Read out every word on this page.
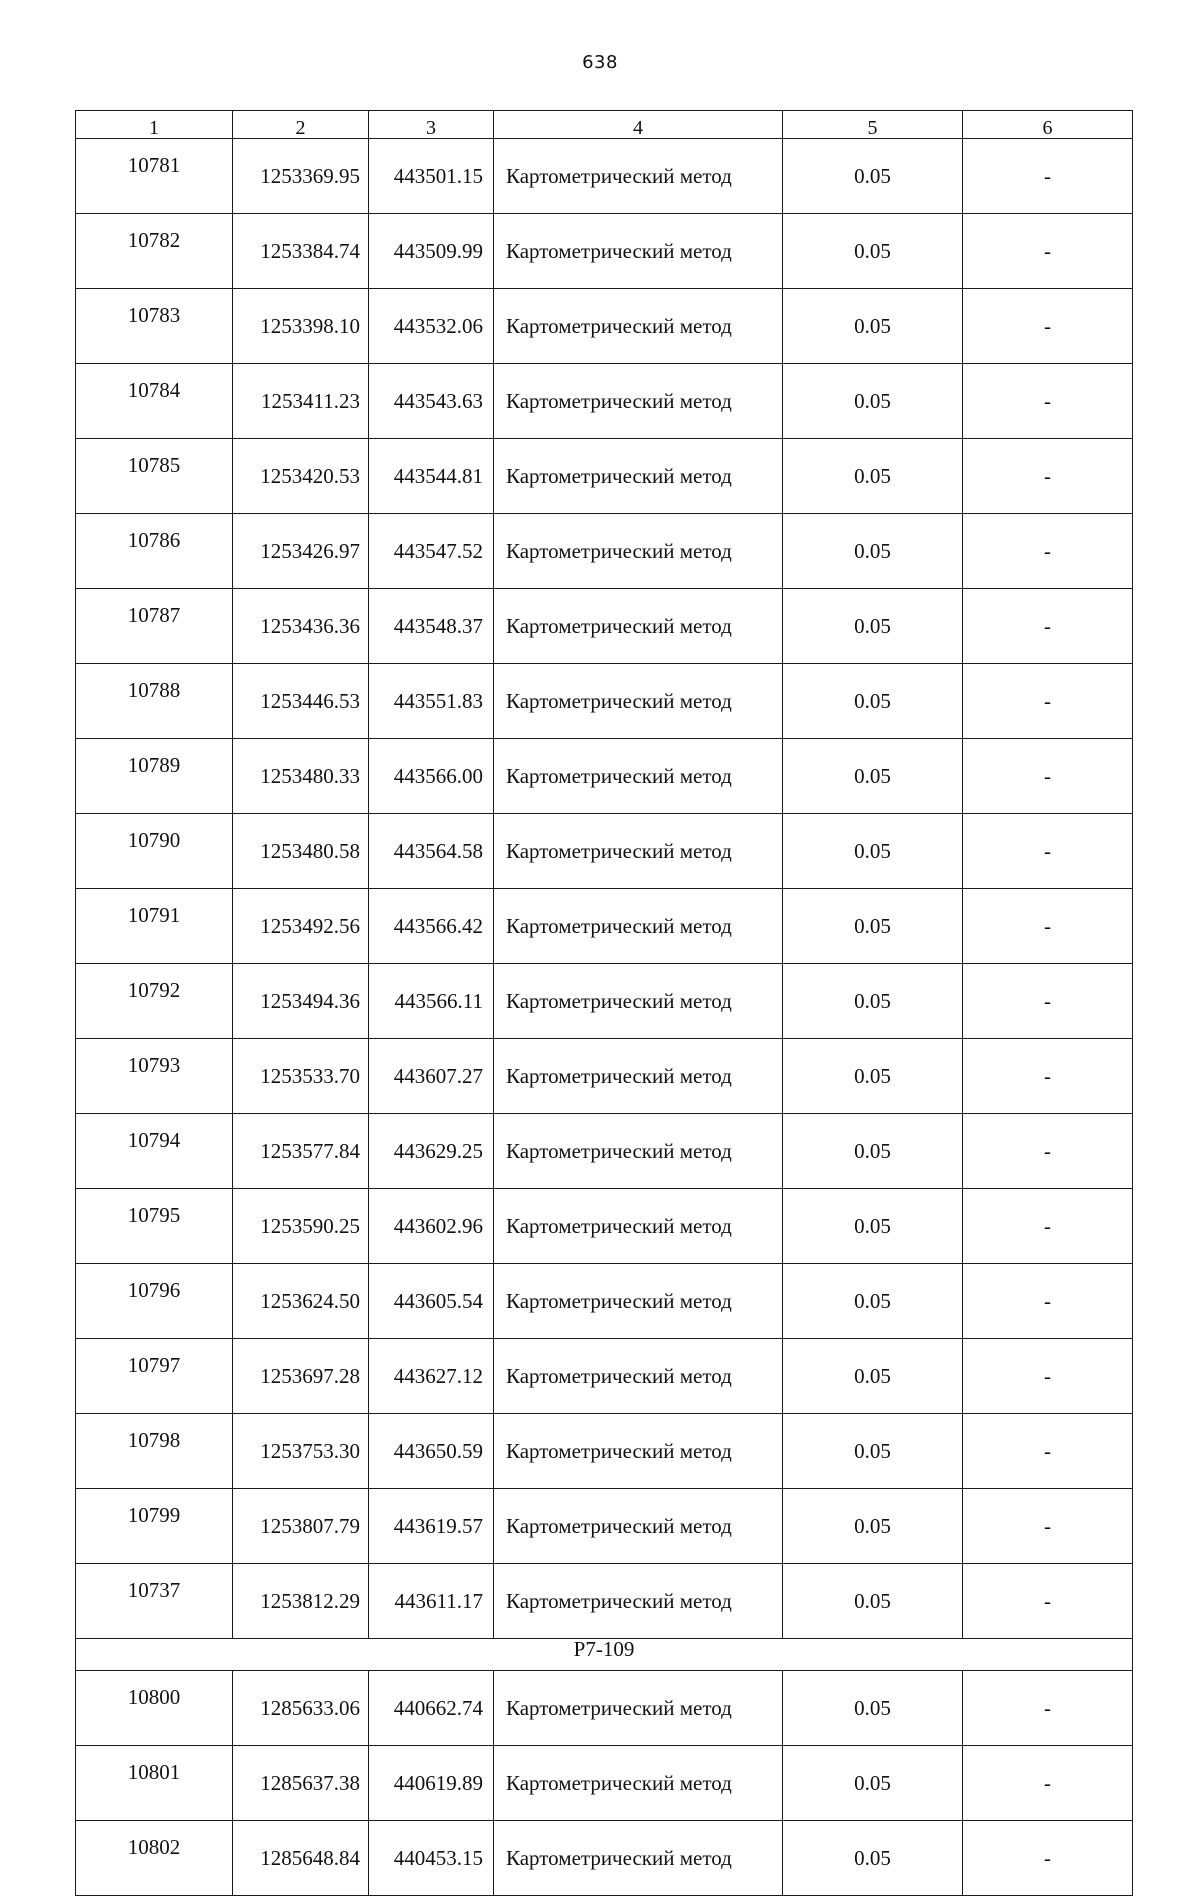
638
1	2	3	4	5	6
10781	1253369.95	443501.15	Картометрический метод	0.05	-
10782	1253384.74	443509.99	Картометрический метод	0.05	-
10783	1253398.10	443532.06	Картометрический метод	0.05	-
10784	1253411.23	443543.63	Картометрический метод	0.05	-
10785	1253420.53	443544.81	Картометрический метод	0.05	-
10786	1253426.97	443547.52	Картометрический метод	0.05	-
10787	1253436.36	443548.37	Картометрический метод	0.05	-
10788	1253446.53	443551.83	Картометрический метод	0.05	-
10789	1253480.33	443566.00	Картометрический метод	0.05	-
10790	1253480.58	443564.58	Картометрический метод	0.05	-
10791	1253492.56	443566.42	Картометрический метод	0.05	-
10792	1253494.36	443566.11	Картометрический метод	0.05	-
10793	1253533.70	443607.27	Картометрический метод	0.05	-
10794	1253577.84	443629.25	Картометрический метод	0.05	-
10795	1253590.25	443602.96	Картометрический метод	0.05	-
10796	1253624.50	443605.54	Картометрический метод	0.05	-
10797	1253697.28	443627.12	Картометрический метод	0.05	-
10798	1253753.30	443650.59	Картометрический метод	0.05	-
10799	1253807.79	443619.57	Картометрический метод	0.05	-
10737	1253812.29	443611.17	Картометрический метод	0.05	-
Р7-109					
10800	1285633.06	440662.74	Картометрический метод	0.05	-
10801	1285637.38	440619.89	Картометрический метод	0.05	-
10802	1285648.84	440453.15	Картометрический метод	0.05	-
